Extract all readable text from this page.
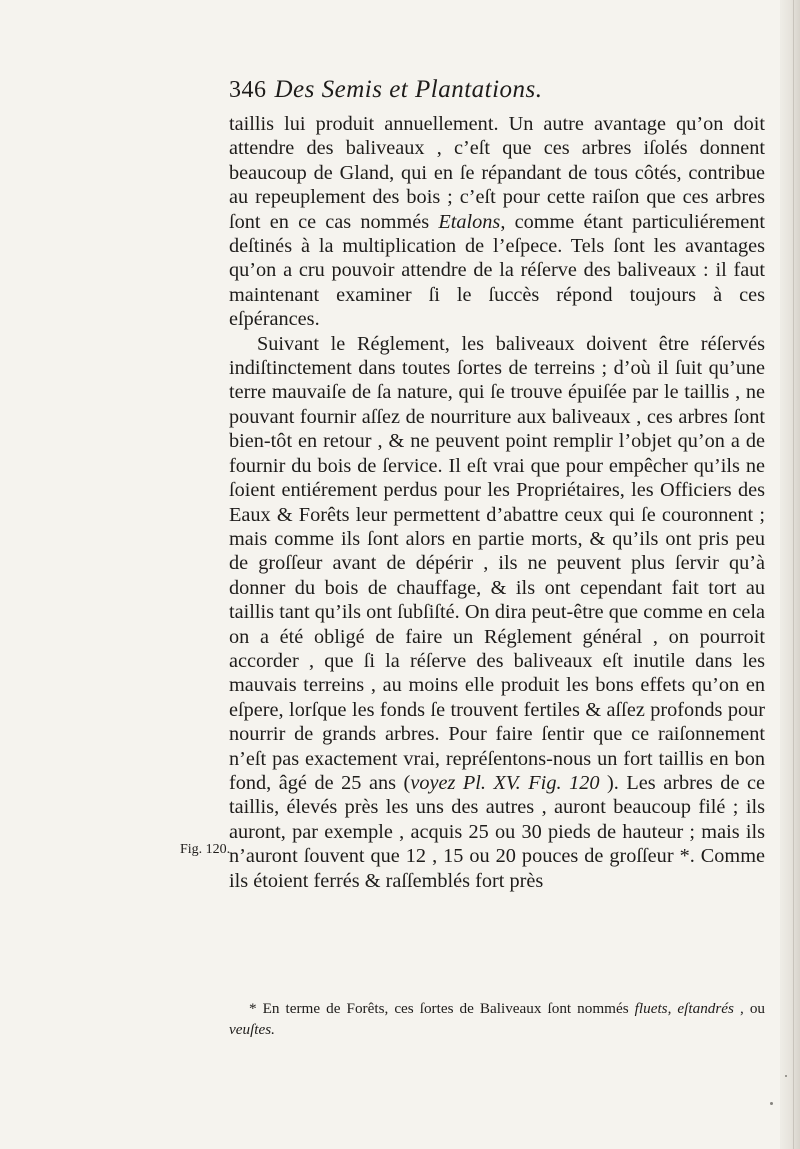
346 Des Semis et Plantations.
Fig. 120.

taillis lui produit annuellement. Un autre avantage qu’on doit attendre des baliveaux , c’eſt que ces arbres iſolés donnent beaucoup de Gland, qui en ſe répandant de tous côtés, contribue au repeuplement des bois ; c’eſt pour cette raiſon que ces arbres ſont en ce cas nommés Etalons, comme étant particuliérement deſtinés à la multiplication de l’eſpece. Tels ſont les avantages qu’on a cru pouvoir attendre de la réſerve des baliveaux : il faut maintenant examiner ſi le ſuccès répond toujours à ces eſpérances.

Suivant le Réglement, les baliveaux doivent être réſervés indiſtinctement dans toutes ſortes de terreins ; d’où il ſuit qu’une terre mauvaiſe de ſa nature, qui ſe trouve épuiſée par le taillis , ne pouvant fournir aſſez de nourriture aux baliveaux , ces arbres ſont bien-tôt en retour , & ne peuvent point remplir l’objet qu’on a de fournir du bois de ſervice. Il eſt vrai que pour empêcher qu’ils ne ſoient entiérement perdus pour les Propriétaires, les Officiers des Eaux & Forêts leur permettent d’abattre ceux qui ſe couronnent ; mais comme ils ſont alors en partie morts, & qu’ils ont pris peu de groſſeur avant de dépérir , ils ne peuvent plus ſervir qu’à donner du bois de chauffage, & ils ont cependant fait tort au taillis tant qu’ils ont ſubſiſté. On dira peut-être que comme en cela on a été obligé de faire un Réglement général , on pourroit accorder , que ſi la réſerve des baliveaux eſt inutile dans les mauvais terreins , au moins elle produit les bons effets qu’on en eſpere, lorſque les fonds ſe trouvent fertiles & aſſez profonds pour nourrir de grands arbres. Pour faire ſentir que ce raiſonnement n’eſt pas exactement vrai, repréſentons-nous un fort taillis en bon fond, âgé de 25 ans (voyez Pl. XV. Fig. 120 ). Les arbres de ce taillis, élevés près les uns des autres , auront beaucoup filé ; ils auront, par exemple , acquis 25 ou 30 pieds de hauteur ; mais ils n’auront ſouvent que 12 , 15 ou 20 pouces de groſſeur *. Comme ils étoient ferrés & raſſemblés fort près

* En terme de Forêts, ces ſortes de Baliveaux ſont nommés fluets, eſtandrés , ou veuſtes.
